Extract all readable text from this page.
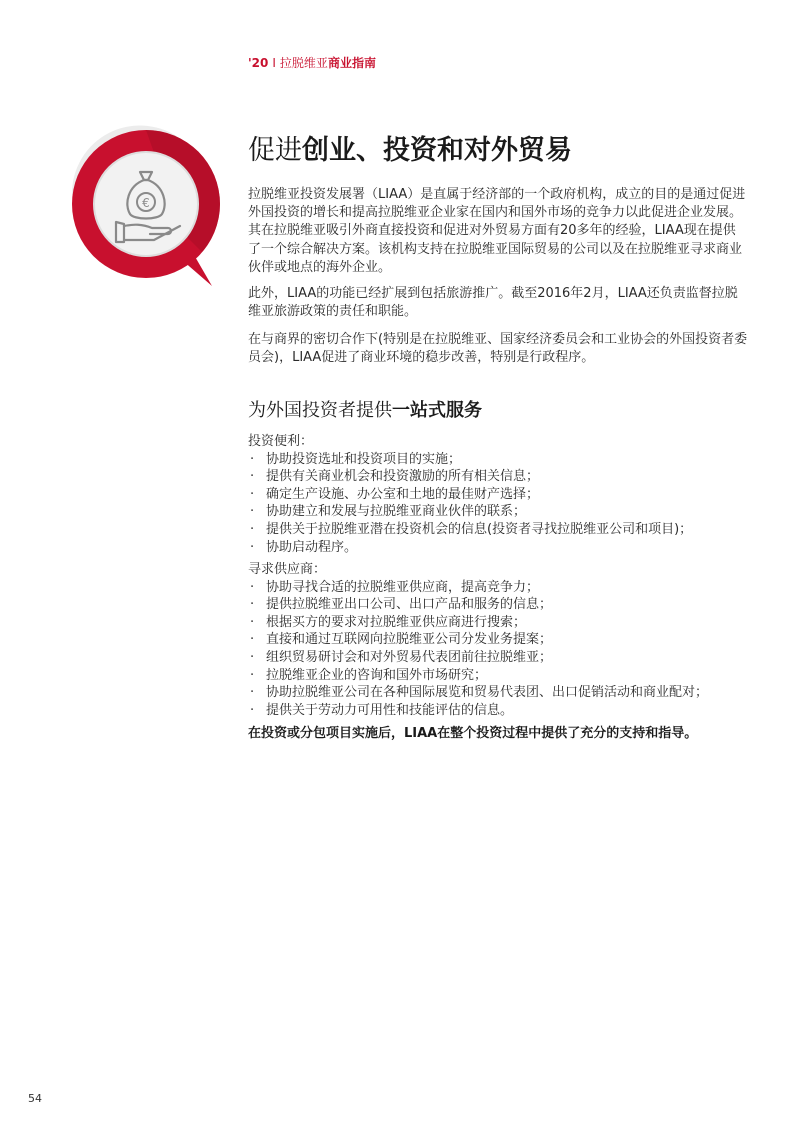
'20 I 拉脱维亚商业指南
€
促进创业、投资和对外贸易

拉脱维亚投资发展署（LIAA）是直属于经济部的一个政府机构，成立的目的是通过促进外国投资的增长和提高拉脱维亚企业家在国内和国外市场的竞争力以此促进企业发展。其在拉脱维亚吸引外商直接投资和促进对外贸易方面有20多年的经验，LIAA现在提供了一个综合解决方案。该机构支持在拉脱维亚国际贸易的公司以及在拉脱维亚寻求商业伙伴或地点的海外企业。

此外，LIAA的功能已经扩展到包括旅游推广。截至2016年2月，LIAA还负责监督拉脱维亚旅游政策的责任和职能。

在与商界的密切合作下(特别是在拉脱维亚、国家经济委员会和工业协会的外国投资者委员会)，LIAA促进了商业环境的稳步改善，特别是行政程序。

为外国投资者提供一站式服务

投资便利：

· 协助投资选址和投资项目的实施；
· 提供有关商业机会和投资激励的所有相关信息；
· 确定生产设施、办公室和土地的最佳财产选择；
· 协助建立和发展与拉脱维亚商业伙伴的联系；
· 提供关于拉脱维亚潜在投资机会的信息(投资者寻找拉脱维亚公司和项目)；
· 协助启动程序。

寻求供应商：

· 协助寻找合适的拉脱维亚供应商，提高竞争力；
· 提供拉脱维亚出口公司、出口产品和服务的信息；
· 根据买方的要求对拉脱维亚供应商进行搜索；
· 直接和通过互联网向拉脱维亚公司分发业务提案；
· 组织贸易研讨会和对外贸易代表团前往拉脱维亚；
· 拉脱维亚企业的咨询和国外市场研究；
· 协助拉脱维亚公司在各种国际展览和贸易代表团、出口促销活动和商业配对；
· 提供关于劳动力可用性和技能评估的信息。

在投资或分包项目实施后，LIAA在整个投资过程中提供了充分的支持和指导。

54
